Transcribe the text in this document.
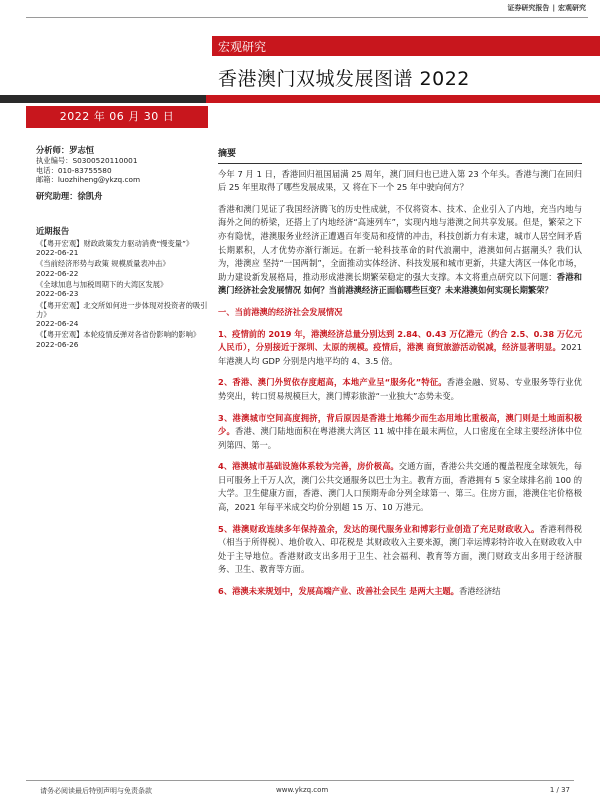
证券研究报告 | 宏观研究
宏观研究
香港澳门双城发展图谱 2022
2022 年 06 月 30 日
分析师：罗志恒
执业编号：S0300520110001
电话：010-83755580
邮箱：luozhiheng@ykzq.com
研究助理：徐凯舟
近期报告
《【粤开宏观】财政政策发力驱动消费“慢变量”》
2022-06-21
《当前经济形势与政策 规模质量表冲击》
2022-06-22
《全球加息与加税周期下的大湾区发展》
2022-06-23
《【粤开宏观】北交所如何进一步体现对投资者的吸引力》
2022-06-24
《【粤开宏观】本轮疫情反弹对各省份影响的影响》
2022-06-26
摘要

今年 7 月 1 日，香港回归祖国届满 25 周年，澳门回归也已进入第 23 个年头。香港与澳门在回归后 25 年里取得了哪些发展成果，又 将在下一个 25 年中驶向何方？

香港和澳门见证了我国经济腾飞的历史性成就，不仅将资本、技术、企业引入了内地，充当内地与海外之间的桥梁，还搭上了内地经济“高速列车”，实现内地与港澳之间共享发展。但是，繁荣之下亦有隐忧，港澳服务业经济正遭遇百年变局和疫情的冲击，科技创新力有未逮，城市人居空间矛盾长期累积，人才优势亦渐行渐远。在新一轮科技革命的时代浪潮中，港澳如何占据潮头？我们认为，港澳应 坚持“一国两制”，全面推动实体经济、科技发展和城市更新，共建大湾区一体化市场，助力建设新发展格局，推动形成港澳长期繁荣稳定的强大支撑。本文将重点研究以下问题：香港和澳门经济社会发展情况 如何？当前港澳经济正面临哪些巨变？未来港澳如何实现长期繁荣？

一、当前港澳的经济社会发展情况

1、疫情前的 2019 年，港澳经济总量分别达到 2.84、0.43 万亿港元（约合 2.5、0.38 万亿元人民币），分别接近于深圳、太原的规模。疫情后，港澳 商贸旅游活动锐减，经济显著明显。2021 年港澳人均 GDP 分别是内地平均的 4、3.5 倍。

2、香港、澳门外贸依存度超高，本地产业呈“服务化”特征。香港金融、贸易、专业服务等行业优势突出，转口贸易规模巨大，澳门博彩旅游“一业独大”态势未变。

3、港澳城市空间高度拥挤，背后原因是香港土地稀少而生态用地比重极高，澳门则是土地面积极少。香港、澳门陆地面积在粤港澳大湾区 11 城中排在最末两位，人口密度在全球主要经济体中位列第四、第一。

4、港澳城市基础设施体系较为完善，房价极高。交通方面，香港公共交通的覆盖程度全球领先，每日可服务上千万人次，澳门公共交通服务以巴士为主。教育方面，香港拥有 5 家全球排名前 100 的大学。卫生健康方面，香港、澳门人口预期寿命分列全球第一、第三。住房方面，港澳住宅价格极高，2021 年每平米成交均价分别超 15 万、10 万港元。

5、港澳财政连续多年保持盈余，发达的现代服务业和博彩行业创造了充足财政收入。香港利得税（相当于所得税）、地价收入、印花税是 其财政收入主要来源，澳门幸运博彩特许收入在财政收入中处于主导地位。香港财政支出多用于卫生、社会福利、教育等方面，澳门财政支出多用于经济服务、卫生、教育等方面。

6、港澳未来规划中，发展高端产业、改善社会民生 是两大主题。香港经济结

请务必阅读最后特别声明与免责条款	www.ykzq.com	1 / 37
